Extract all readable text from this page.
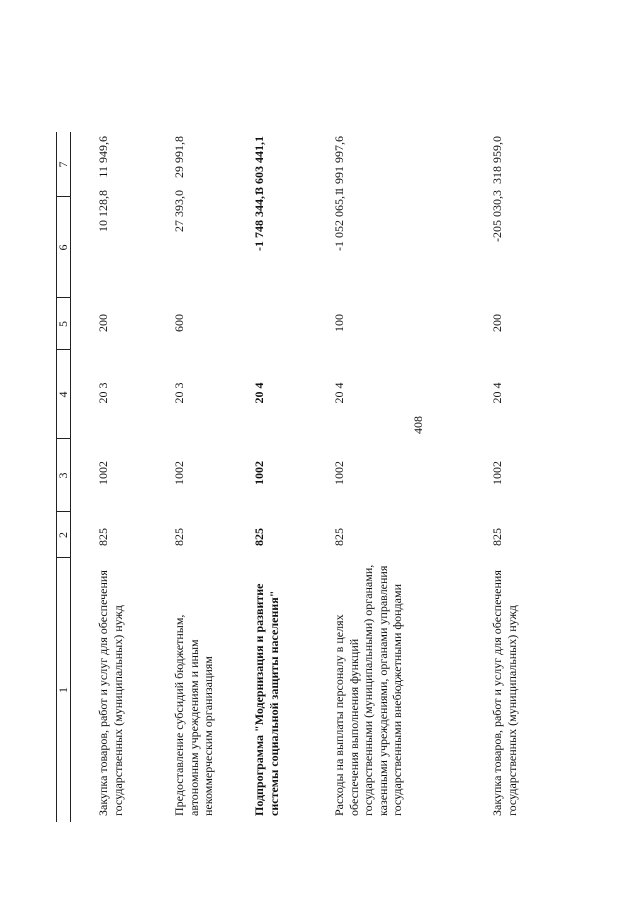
408
1
2
3
4
5
6
7
Закупка товаров, работ и услуг для обеспечения государственных (муниципальных) нужд
825
1002
20 3
200
10 128,8
11 949,6
Предоставление субсидий бюджетным, автономным учреждениям и иным некоммерческим организациям
825
1002
20 3
600
27 393,0
29 991,8
Подпрограмма "Модернизация и развитие системы социальной защиты населения"
825
1002
20 4
-1 748 344,1
3 603 441,1
Расходы на выплаты персоналу в целях обеспечения выполнения функций государственными (муниципальными) органами, казенными учреждениями, органами управления государственными внебюджетными фондами
825
1002
20 4
100
-1 052 065,1
1 991 997,6
Закупка товаров, работ и услуг для обеспечения государственных (муниципальных) нужд
825
1002
20 4
200
-205 030,3
318 959,0
